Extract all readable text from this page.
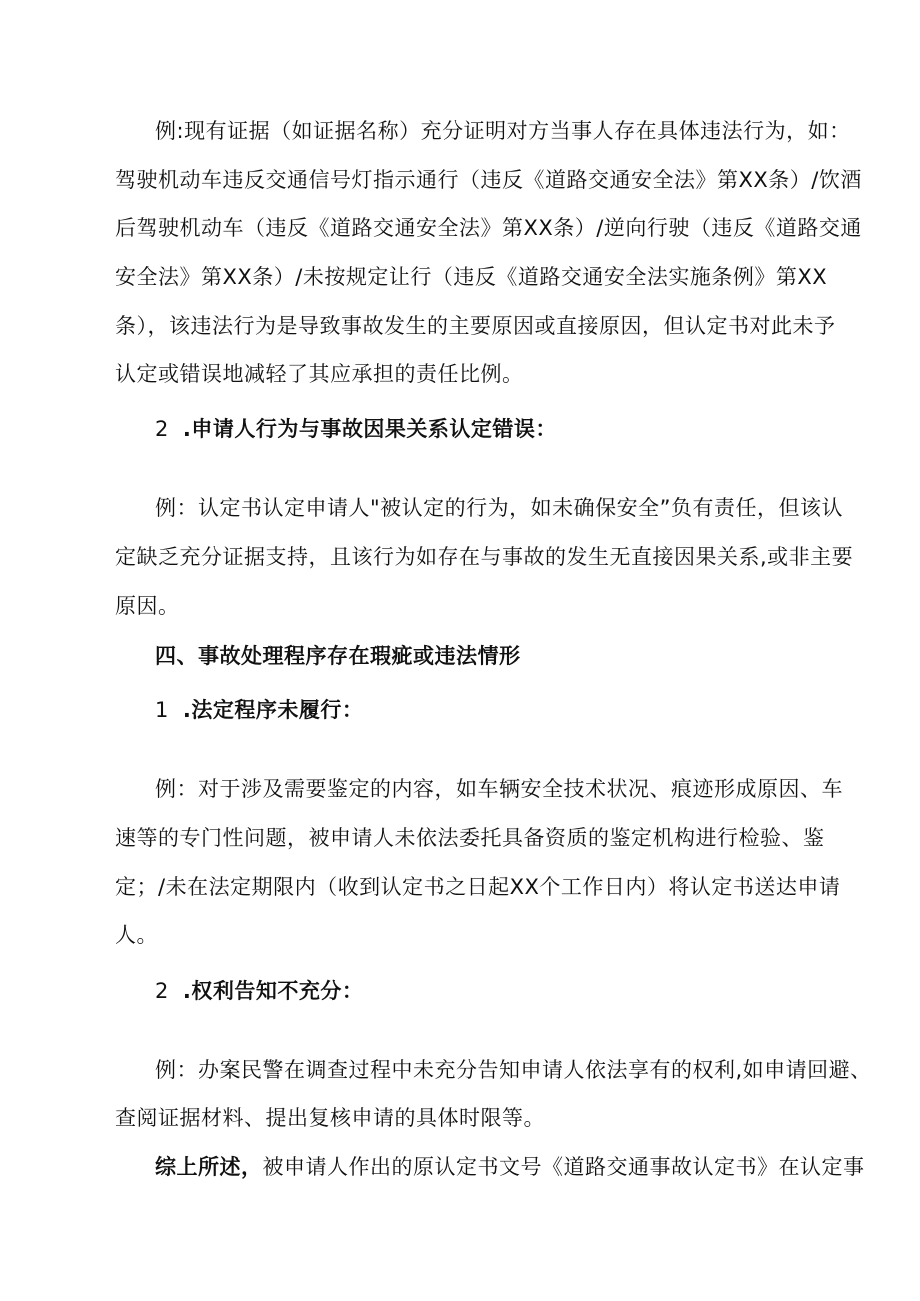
例:现有证据（如证据名称）充分证明对方当事人存在具体违法行为，如：
驾驶机动车违反交通信号灯指示通行（违反《道路交通安全法》第XX条）/饮酒
后驾驶机动车（违反《道路交通安全法》第XX条）/逆向行驶（违反《道路交通
安全法》第XX条）/未按规定让行（违反《道路交通安全法实施条例》第XX
条），该违法行为是导致事故发生的主要原因或直接原因，但认定书对此未予
认定或错误地减轻了其应承担的责任比例。
2 .申请人行为与事故因果关系认定错误：
例：认定书认定申请人"被认定的行为，如未确保安全”负有责任，但该认
定缺乏充分证据支持，且该行为如存在与事故的发生无直接因果关系,或非主要
原因。
四、事故处理程序存在瑕疵或违法情形
1 .法定程序未履行：
例：对于涉及需要鉴定的内容，如车辆安全技术状况、痕迹形成原因、车
速等的专门性问题，被申请人未依法委托具备资质的鉴定机构进行检验、鉴
定；/未在法定期限内（收到认定书之日起XX个工作日内）将认定书送达申请
人。
2 .权利告知不充分：
例：办案民警在调查过程中未充分告知申请人依法享有的权利,如申请回避、
查阅证据材料、提出复核申请的具体时限等。
综上所述，被申请人作出的原认定书文号《道路交通事故认定书》在认定事
